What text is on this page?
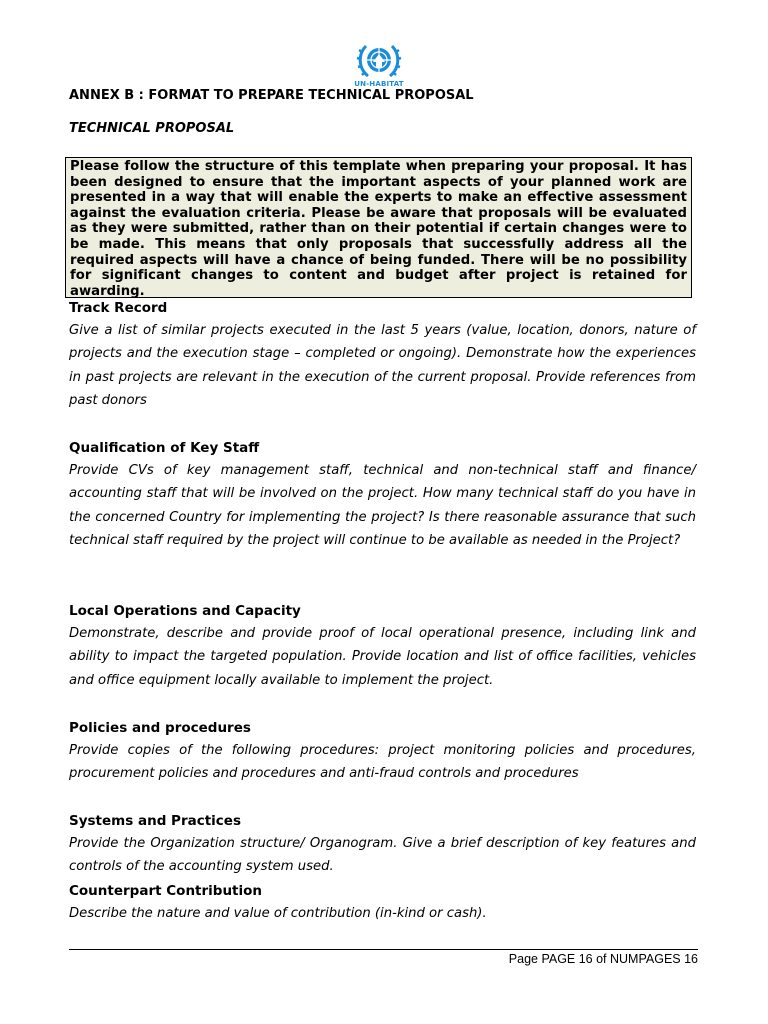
UN-HABITAT
ANNEX B : FORMAT TO PREPARE TECHNICAL PROPOSAL
TECHNICAL PROPOSAL
Please follow the structure of this template when preparing your proposal. It has been designed to ensure that the important aspects of your planned work are presented in a way that will enable the experts to make an effective assessment against the evaluation criteria. Please be aware that proposals will be evaluated as they were submitted, rather than on their potential if certain changes were to be made. This means that only proposals that successfully address all the required aspects will have a chance of being funded. There will be no possibility for significant changes to content and budget after project is retained for awarding.

Track Record

Give a list of similar projects executed in the last 5 years (value, location, donors, nature of projects and the execution stage – completed or ongoing). Demonstrate how the experiences in past projects are relevant in the execution of the current proposal. Provide references from past donors

Qualification of Key Staff

Provide CVs of key management staff, technical and non-technical staff and finance/ accounting staff that will be involved on the project. How many technical staff do you have in the concerned Country for implementing the project? Is there reasonable assurance that such technical staff required by the project will continue to be available as needed in the Project?

Local Operations and Capacity

Demonstrate, describe and provide proof of local operational presence, including link and ability to impact the targeted population. Provide location and list of office facilities, vehicles and office equipment locally available to implement the project.

Policies and procedures

Provide copies of the following procedures: project monitoring policies and procedures, procurement policies and procedures and anti-fraud controls and procedures

Systems and Practices

Provide the Organization structure/ Organogram. Give a brief description of key features and controls of the accounting system used.

Counterpart Contribution

Describe the nature and value of contribution (in-kind or cash).

Page PAGE 16 of NUMPAGES 16
